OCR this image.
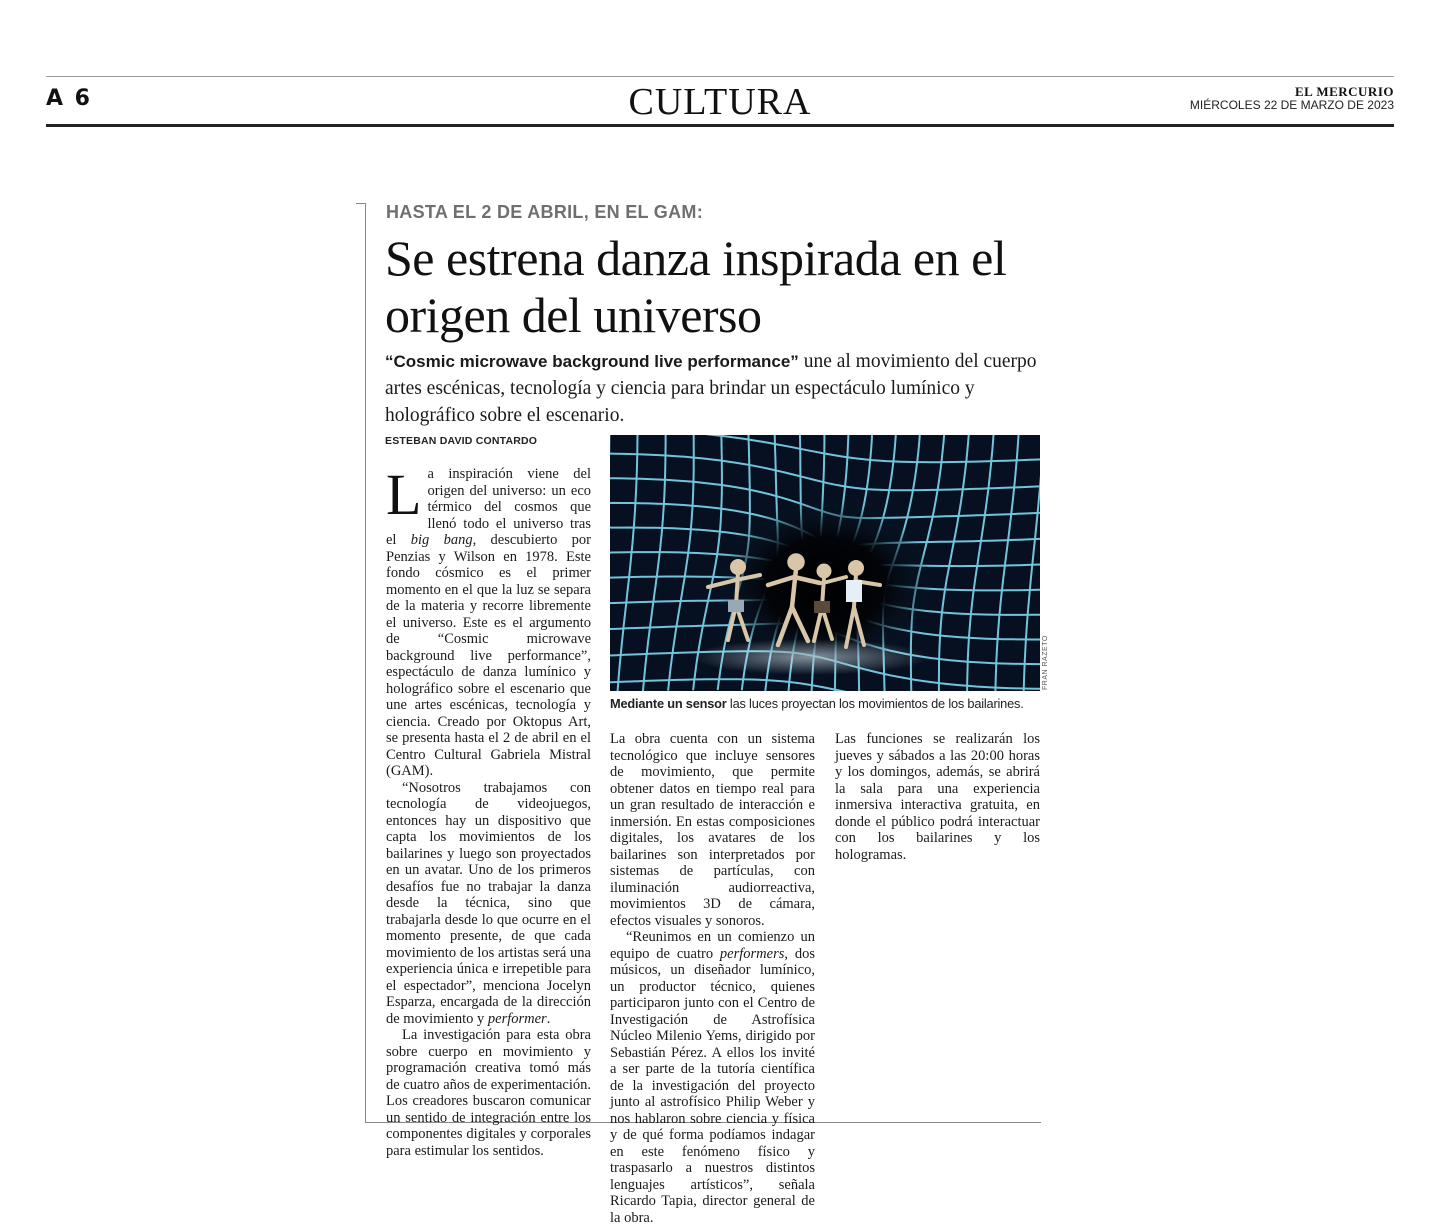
A 6	CULTURA	EL MERCURIO
MIÉRCOLES 22 DE MARZO DE 2023
HASTA EL 2 DE ABRIL, EN EL GAM:
Se estrena danza inspirada en el origen del universo

“Cosmic microwave background live performance” une al movimiento del cuerpo artes escénicas, tecnología y ciencia para brindar un espectáculo lumínico y holográfico sobre el escenario.

ESTEBAN DAVID CONTARDO
FRAN RAZETO
Mediante un sensor las luces proyectan los movimientos de los bailarines.

La inspiración viene del origen del universo: un eco térmico del cosmos que llenó todo el universo tras el big bang, descubierto por Penzias y Wilson en 1978. Este fondo cósmico es el primer momento en el que la luz se separa de la materia y recorre libremente el universo. Este es el argumento de “Cosmic microwave background live performance”, espectáculo de danza lumínico y holográfico sobre el escenario que une artes escénicas, tecnología y ciencia. Creado por Oktopus Art, se presenta hasta el 2 de abril en el Centro Cultural Gabriela Mistral (GAM).

“Nosotros trabajamos con tecnología de videojuegos, entonces hay un dispositivo que capta los movimientos de los bailarines y luego son proyectados en un avatar. Uno de los primeros desafíos fue no trabajar la danza desde la técnica, sino que trabajarla desde lo que ocurre en el momento presente, de que cada movimiento de los artistas será una experiencia única e irrepetible para el espectador”, menciona Jocelyn Esparza, encargada de la dirección de movimiento y performer.

La investigación para esta obra sobre cuerpo en movimiento y programación creativa tomó más de cuatro años de experimentación. Los creadores buscaron comunicar un sentido de integración entre los componentes digitales y corporales para estimular los sentidos.

La obra cuenta con un sistema tecnológico que incluye sensores de movimiento, que permite obtener datos en tiempo real para un gran resultado de interacción e inmersión. En estas composiciones digitales, los avatares de los bailarines son interpretados por sistemas de partículas, con iluminación audiorreactiva, movimientos 3D de cámara, efectos visuales y sonoros.

“Reunimos en un comienzo un equipo de cuatro performers, dos músicos, un diseñador lumínico, un productor técnico, quienes participaron junto con el Centro de Investigación de Astrofísica Núcleo Milenio Yems, dirigido por Sebastián Pérez. A ellos los invité a ser parte de la tutoría científica de la investigación del proyecto junto al astrofísico Philip Weber y nos hablaron sobre ciencia y física y de qué forma podíamos indagar en este fenómeno físico y traspasarlo a nuestros distintos lenguajes artísticos”, señala Ricardo Tapia, director general de la obra.

Las funciones se realizarán los jueves y sábados a las 20:00 horas y los domingos, además, se abrirá la sala para una experiencia inmersiva interactiva gratuita, en donde el público podrá interactuar con los bailarines y los hologramas.
